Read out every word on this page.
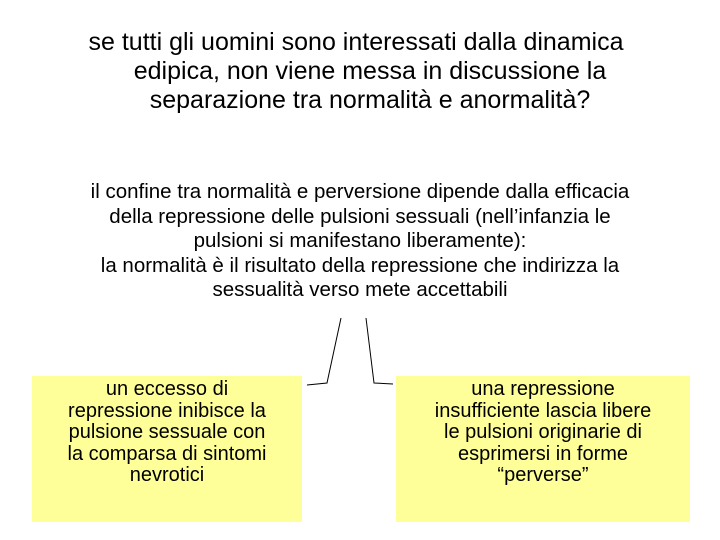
se tutti gli uomini sono interessati dalla dinamica
edipica, non viene messa in discussione la
separazione tra normalità e anormalità?
il confine tra normalità e perversione dipende dalla efficacia
della repressione delle pulsioni sessuali (nell’infanzia le
pulsioni si manifestano liberamente):
la normalità è il risultato della repressione che indirizza la
sessualità verso mete accettabili
un eccesso di
repressione inibisce la
pulsione sessuale con
la comparsa di sintomi
nevrotici
una repressione
insufficiente lascia libere
le pulsioni originarie di
esprimersi in forme
“perverse”
